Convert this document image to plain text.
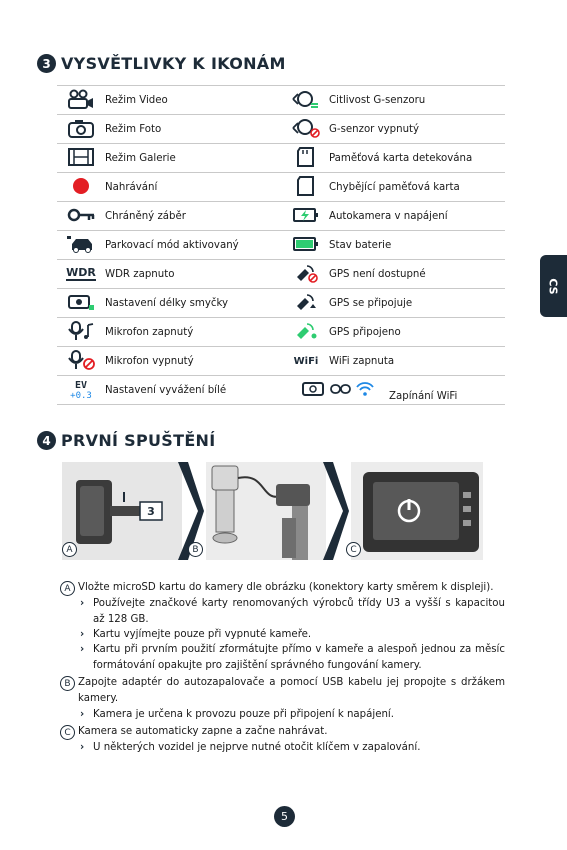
3 VYSVĚTLIVKY K IKONÁM
	Režim Video		Citlivost G-senzoru

	Režim Foto		G-senzor vypnutý

	Režim Galerie		Paměťová karta detekována

	Nahrávání		Chybějící paměťová karta

	Chráněný záběr		Autokamera v napájení

	Parkovací mód aktivovaný		Stav baterie

WDR	WDR zapnuto		GPS není dostupné

	Nastavení délky smyčky		GPS se připojuje

	Mikrofon zapnutý		GPS připojeno

	Mikrofon vypnutý	WiFi	WiFi zapnuta

EV
+0.3	Nastavení vyvážení bílé	Zapínání WiFi	
CS
4 PRVNÍ SPUŠTĚNÍ
3
A	B	C
A Vložte microSD kartu do kamery dle obrázku (konektory karty směrem k displeji).
› Používejte značkové karty renomovaných výrobců třídy U3 a vyšší s kapacitou až 128 GB.
› Kartu vyjímejte pouze při vypnuté kameře.
› Kartu při prvním použití zformátujte přímo v kameře a alespoň jednou za měsíc formátování opakujte pro zajištění správného fungování kamery.
B Zapojte adaptér do autozapalovače a pomocí USB kabelu jej propojte s držákem kamery.
› Kamera je určena k provozu pouze při připojení k napájení.
C Kamera se automaticky zapne a začne nahrávat.
› U některých vozidel je nejprve nutné otočit klíčem v zapalování.
5
